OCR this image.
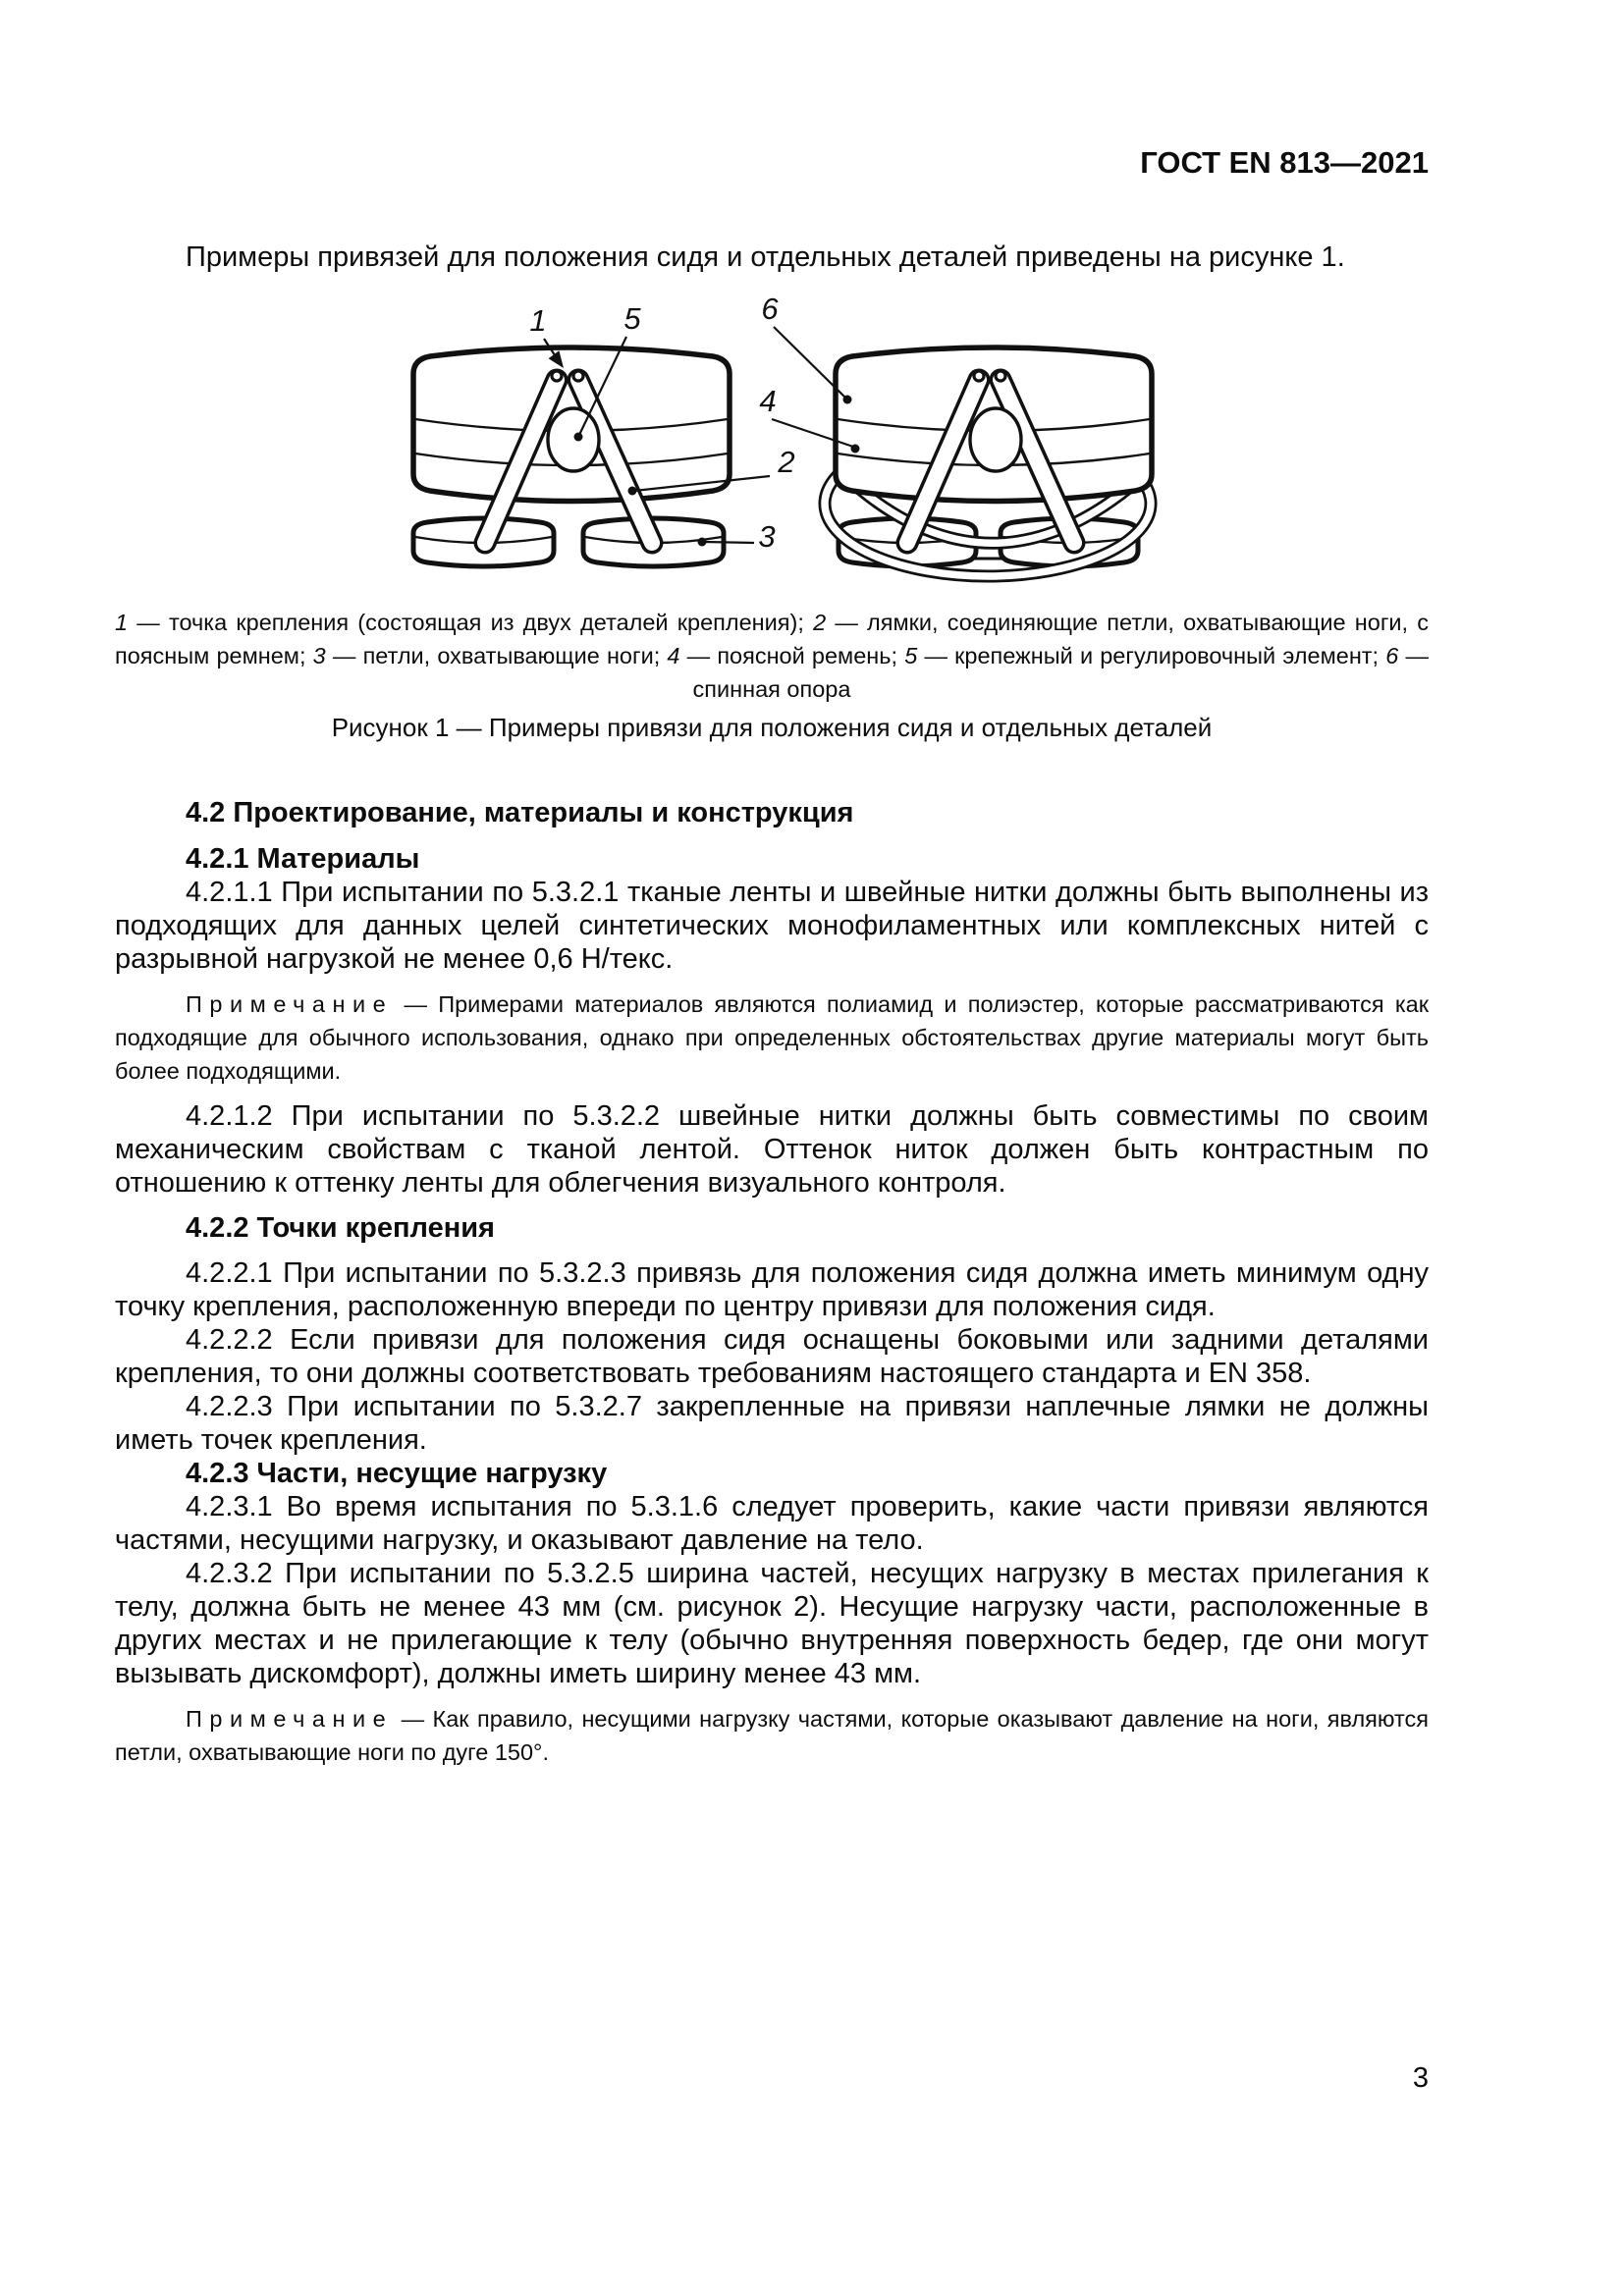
ГОСТ EN 813—2021

Примеры привязей для положения сидя и отдельных деталей приведены на рисунке 1.

1	5	6
4
2
3

1 — точка крепления (состоящая из двух деталей крепления); 2 — лямки, соединяющие петли, охватывающие ноги, с поясным ремнем; 3 — петли, охватывающие ноги; 4 — поясной ремень; 5 — крепежный и регулировочный элемент; 6 — спинная опора

Рисунок 1 — Примеры привязи для положения сидя и отдельных деталей

4.2 Проектирование, материалы и конструкция
4.2.1 Материалы

4.2.1.1 При испытании по 5.3.2.1 тканые ленты и швейные нитки должны быть выполнены из подходящих для данных целей синтетических монофиламентных или комплексных нитей с разрывной нагрузкой не менее 0,6 Н/текс.

Примечание — Примерами материалов являются полиамид и полиэстер, которые рассматриваются как подходящие для обычного использования, однако при определенных обстоятельствах другие материалы могут быть более подходящими.

4.2.1.2 При испытании по 5.3.2.2 швейные нитки должны быть совместимы по своим механическим свойствам с тканой лентой. Оттенок ниток должен быть контрастным по отношению к оттенку ленты для облегчения визуального контроля.

4.2.2 Точки крепления

4.2.2.1 При испытании по 5.3.2.3 привязь для положения сидя должна иметь минимум одну точку крепления, расположенную впереди по центру привязи для положения сидя.

4.2.2.2 Если привязи для положения сидя оснащены боковыми или задними деталями крепления, то они должны соответствовать требованиям настоящего стандарта и EN 358.

4.2.2.3 При испытании по 5.3.2.7 закрепленные на привязи наплечные лямки не должны иметь точек крепления.

4.2.3 Части, несущие нагрузку

4.2.3.1 Во время испытания по 5.3.1.6 следует проверить, какие части привязи являются частями, несущими нагрузку, и оказывают давление на тело.

4.2.3.2 При испытании по 5.3.2.5 ширина частей, несущих нагрузку в местах прилегания к телу, должна быть не менее 43 мм (см. рисунок 2). Несущие нагрузку части, расположенные в других местах и не прилегающие к телу (обычно внутренняя поверхность бедер, где они могут вызывать дискомфорт), должны иметь ширину менее 43 мм.

Примечание — Как правило, несущими нагрузку частями, которые оказывают давление на ноги, являются петли, охватывающие ноги по дуге 150°.

3
